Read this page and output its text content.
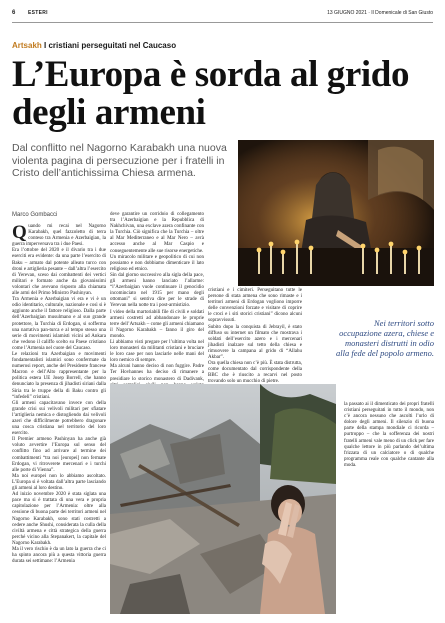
6	ESTERI	13 GIUGNO 2021 · Il Domenicale di San Giusto
Artsakh I cristiani perseguitati nel Caucaso
L’Europa è sorda al grido degli armeni
Dal conflitto nel Nagorno Karabakh una nuova violenta pagina di persecuzione per i fratelli in Cristo dell’antichissima Chiesa armena.
Marco Gombacci
Q uando mi recai nel Nagorno Karabakh, quel fazzoletto di terra conteso tra Armenia e Azerbaigian, la guerra imperversava tra i due Paesi.

Era l’ottobre del 2020 e il divario tra i due eserciti era evidente: da una parte l’esercito di Baku – armato dal potente alleato turco con droni e artiglieria pesante – dall’altra l’esercito di Yerevan, sceso dai combattenti dei vertici militari e formato anche da giovanissimi volontari che avevano risposto alla chiamata alle armi del Primo Ministro Pashinyan.

Tra Armenia e Azerbaigian vi era e vi è un odio identitario, culturale, nazionale e così si è aggiunto anche il fattore religioso. Dalla parte dell’Azerbaigian musulmano e al suo grande protettore, la Turchia di Erdogan, si sofferma una narrativa pan-turca e al tempo stesso una serie di movimenti islamisti vicini ad Ankara che vedono il califfo scelto su Paese cristiano come l’Armenia nel cuore del Caucaso.

Le relazioni tra Azerbaigian e movimenti fondamentalisti islamici sono confermate da numerosi report, anche del Presidente francese Macron e dell’Alto rappresentante per la politica estera UE Josep Borrell, che hanno denunciato la presenza di jihadisti siriani dalla Siria tra le truppe della di Baku contro gli “infedeli” cristiani.

Gli armeni capacitavano invece con della grande crisi sui velivoli militari per sfiatare l’artiglieria nemica e distogliendo dai velivoli azeri che difficilmente potrebbero dragonare una cosca cristiana nel territorio del loro esercito.

Il Premier armeno Pashinyan ha anche già voluto avvertire l’Europa sul senso del conflitto fino ad arrivare al termine dei combattimenti “tra noi [europei] non fermate Erdogan, vi ritroverete mercenari e i turchi alle porte di Vienna”.

Ma noi europei non lo abbiamo ascoltato. L’Europa si è voltata dall’altra parte lasciando gli armeni al loro destino.

Ad inizio novembre 2020 è stata siglata una pace ma si è trattata di una vera e propria capitolazione per l’Armenia: oltre alla cessione di buona parte dei territori armeni nel Nagorno Karabakh, sono stati costretti a cedere anche Shushi, considerata la culla della civiltà armena e città strategica della guerra perché vicino alla Stepanakert, la capitale del Nagorno Karabakh.

Ma il vero rischio è da un lato la guerra che ci ha spinto ancora più a questa vittoria guerra durata sei settimane: l’Armenia

deve garantire un corridoio di collegamento tra l’Azerbaigian e la Repubblica di Nakhchivan, una exclave azera confinante con la Turchia. Ciò significa che la Turchia – oltre al Mar Mediterraneo e al Mar Nero – avrà accesso anche al Mar Caspio e conseguentemente alle sue risorse energetiche.

Un miracolo militare e geopolitico di cui non possiamo e non dobbiamo dimenticare il lato religioso ed etnico.

Sin dal giorno successivo alla sigla della pace, gli armeni hanno lanciato l’allarme: “l’Azerbaigian vuole continuare il genocidio incominciato nel 1915 per mano degli ottomani” si sentiva dire per le strade di Yerevan nella notte tra i post-armistizio.

I video della martoriabili file di civili e soldati armeni costretti ad abbandonare le proprie terre dell’Artsakh – come gli armeni chiamano il Nagorno Karabakh – fanno il giro del mondo.

Li abbiamo visti pregare per l’ultima volta nel loro monasteri da militanti cristiani e bruciare le loro case per non lasciarle nelle mani del loro nemico di sempre.

Ma alcuni hanno deciso di non fuggire. Padre Ter Hovhannes ha deciso di rimanere a presidiare lo storico monastero di Dadivank,

cristiani e i cimiteri. Perseguitano tutte le persone di stata armena che sono rimaste e i territori armeni di Erdogan vogliono imporre delle convenzioni forzate e visitare di coprire le croci e i siti storici cristiani” dicono alcuni sopravvissuti.

Subito dopo la conquista di Jebrayil, è stato diffuso su internet un filmato che mostrava i soldati dell’esercito azero e i mercenari jihadisti inalzare sul tetto della chiesa e rimuovere la campana al grido di “Allahu Akbar”.

Ora quella chiesa non c’è più. È stata distrutta, come documentato dal corrispondente della BBC che è riuscito a recarvi nel posto trovando solo un mucchio di pietre.

Nei territori sotto occupazione azera, chiese e monasteri distrutti in odio alla fede del popolo armeno.

la passato ai il dimenticato dei propri fratelli cristiani perseguitati in tutto il mondo, non c’è ancora nessuno che ascolti l’urlo di dolore degli armeni. Il silenzio di buona parte della stampa mondiale ci ricorda – purtroppo – che la sofferenza dei nostri fratelli armeni vale meno di un click per fare qualche lettore in più parlando del’ultima frizzata di un calciatore o di qualche programma reale con qualche cantante alla moda.
